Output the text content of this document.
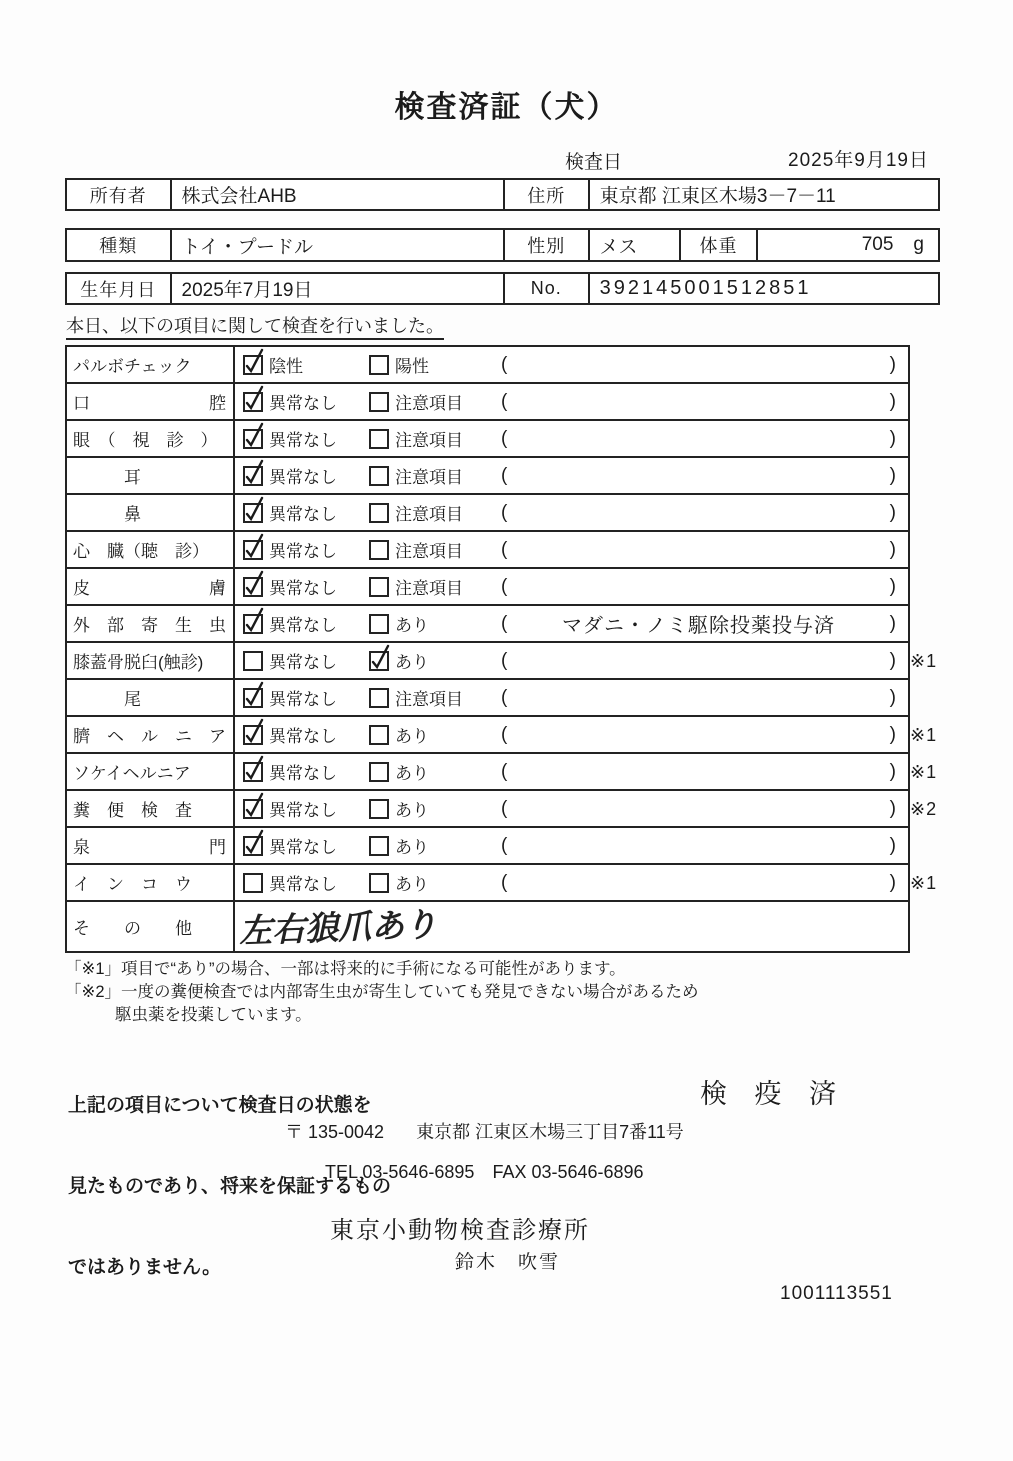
検査済証（犬）
検査日	2025年9月19日
所有者	株式会社AHB	住所	東京都 江東区木場3－7－11
種類	トイ・プードル	性別	メス	体重	705 g
生年月日	2025年7月19日	No.	392145001512851
本日、以下の項目に関して検査を行いました。
パルボチェック	陰性	陽性	(	)
口　　　　　　　腔	異常なし	注意項目 (	)
眼　（　視　診　）	異常なし	注意項目 (	)
　　　耳	異常なし	注意項目 (	)
　　　鼻	異常なし	注意項目 (	)
心　臓（聴　診）	異常なし	注意項目 (	)
皮　　　　　　　膚	異常なし	注意項目 (	)
外　部　寄　生　虫	異常なし	あり	(	マダニ・ノミ駆除投薬投与済	)
膝蓋骨脱臼(触診)	異常なし	あり	(	) ※1
　　　尾	異常なし	注意項目 (	)
臍　ヘ　ル　ニ　ア	異常なし	あり	(	) ※1
ソケイヘルニア	異常なし	あり	(	) ※1
糞　便　検　査	異常なし	あり	(	) ※2
泉　　　　　　　門	異常なし	あり	(	)
イ　ン　コ　ウ	異常なし	あり	(	) ※1
そ　　の　　他	左右狼爪あり
「※1」項目で“あり”の場合、一部は将来的に手術になる可能性があります。
「※2」一度の糞便検査では内部寄生虫が寄生していても発見できない場合があるため
駆虫薬を投薬しています。

上記の項目について検査日の状態を

見たものであり、将来を保証するもの

ではありません。

検 疫 済
〒 135-0042 東京都 江東区木場三丁目7番11号
TEL 03-5646-6895　FAX 03-5646-6896
東京小動物検査診療所
鈴木　吹雪
1001113551
